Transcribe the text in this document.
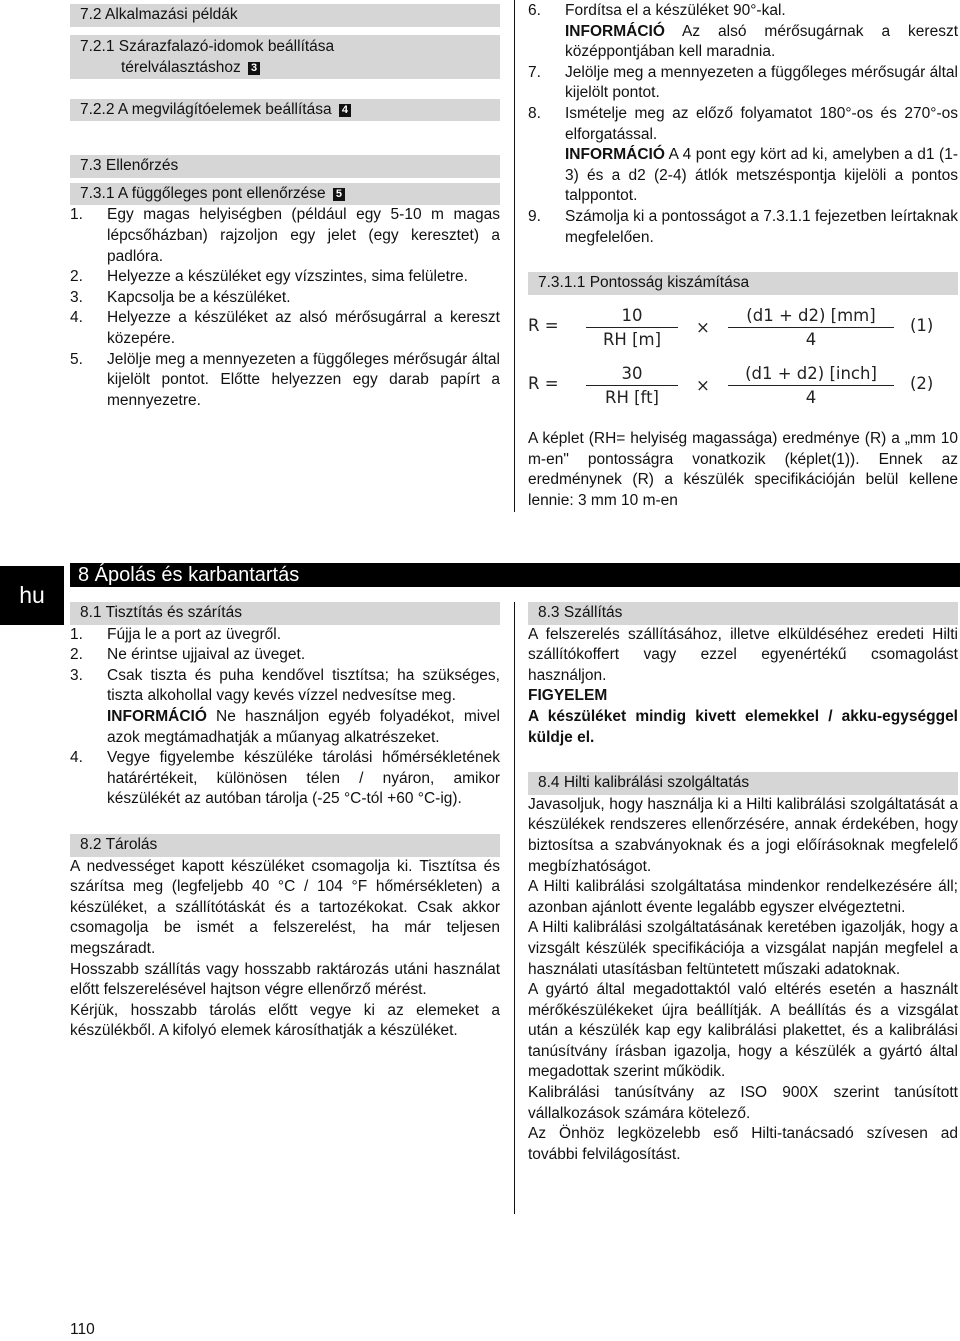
7.2 Alkalmazási példák
7.2.1 Szárazfalazó-idomok beállítása
térelválasztáshoz 3
7.2.2 A megvilágítóelemek beállítása 4
7.3 Ellenőrzés
7.3.1 A függőleges pont ellenőrzése 5
1. Egy magas helyiségben (például egy 5-10 m magas lépcsőházban) rajzoljon egy jelet (egy keresztet) a padlóra.
2. Helyezze a készüléket egy vízszintes, sima felületre.
3. Kapcsolja be a készüléket.
4. Helyezze a készüléket az alsó mérősugárral a kereszt közepére.
5. Jelölje meg a mennyezeten a függőleges mérősugár által kijelölt pontot. Előtte helyezzen egy darab papírt a mennyezetre.
6. Fordítsa el a készüléket 90°-kal.
INFORMÁCIÓ Az alsó mérősugárnak a kereszt középpontjában kell maradnia.
7. Jelölje meg a mennyezeten a függőleges mérősugár által kijelölt pontot.
8. Ismételje meg az előző folyamatot 180°-os és 270°-os elforgatással.
INFORMÁCIÓ A 4 pont egy kört ad ki, amelyben a d1 (1-3) és a d2 (2-4) átlók metszéspontja kijelöli a pontos talppontot.
9. Számolja ki a pontosságot a 7.3.1.1 fejezetben leírtaknak megfelelően.
7.3.1.1 Pontosság kiszámítása
R =
10
RH [m]
×
(d1 + d2) [mm]
4
(1)
R =
30
RH [ft]
×
(d1 + d2) [inch]
4
(2)

A képlet (RH= helyiség magassága) eredménye (R) a „mm 10 m-en" pontosságra vonatkozik (képlet(1)). Ennek az eredménynek (R) a készülék specifikációján belül kellene lennie: 3 mm 10 m-en

hu
8 Ápolás és karbantartás
8.1 Tisztítás és szárítás
1. Fújja le a port az üvegről.
2. Ne érintse ujjaival az üveget.
3. Csak tiszta és puha kendővel tisztítsa; ha szükséges, tiszta alkohollal vagy kevés vízzel nedvesítse meg.
INFORMÁCIÓ Ne használjon egyéb folyadékot, mivel azok megtámadhatják a műanyag alkatrészeket.
4. Vegye figyelembe készüléke tárolási hőmérsékletének határértékeit, különösen télen / nyáron, amikor készülékét az autóban tárolja (-25 °C-tól +60 °C-ig).
8.2 Tárolás

A nedvességet kapott készüléket csomagolja ki. Tisztítsa és szárítsa meg (legfeljebb 40 °C / 104 °F hőmérsékleten) a készüléket, a szállítótáskát és a tartozékokat. Csak akkor csomagolja be ismét a felszerelést, ha már teljesen megszáradt.

Hosszabb szállítás vagy hosszabb raktározás utáni használat előtt felszerelésével hajtson végre ellenőrző mérést.

Kérjük, hosszabb tárolás előtt vegye ki az elemeket a készülékből. A kifolyó elemek károsíthatják a készüléket.

8.3 Szállítás

A felszerelés szállításához, illetve elküldéséhez eredeti Hilti szállítókoffert vagy ezzel egyenértékű csomagolást használjon.

FIGYELEM

A készüléket mindig kivett elemekkel / akku-egységgel küldje el.

8.4 Hilti kalibrálási szolgáltatás

Javasoljuk, hogy használja ki a Hilti kalibrálási szolgáltatását a készülékek rendszeres ellenőrzésére, annak érdekében, hogy biztosítsa a szabványoknak és a jogi előírásoknak megfelelő megbízhatóságot.

A Hilti kalibrálási szolgáltatása mindenkor rendelkezésére áll; azonban ajánlott évente legalább egyszer elvégeztetni.

A Hilti kalibrálási szolgáltatásának keretében igazolják, hogy a vizsgált készülék specifikációja a vizsgálat napján megfelel a használati utasításban feltüntetett műszaki adatoknak.

A gyártó által megadottaktól való eltérés esetén a használt mérőkészülékeket újra beállítják. A beállítás és a vizsgálat után a készülék kap egy kalibrálási plakettet, és a kalibrálási tanúsítvány írásban igazolja, hogy a készülék a gyártó által megadottak szerint működik.

Kalibrálási tanúsítvány az ISO 900X szerint tanúsított vállalkozások számára kötelező.

Az Önhöz legközelebb eső Hilti-tanácsadó szívesen ad további felvilágosítást.

110
